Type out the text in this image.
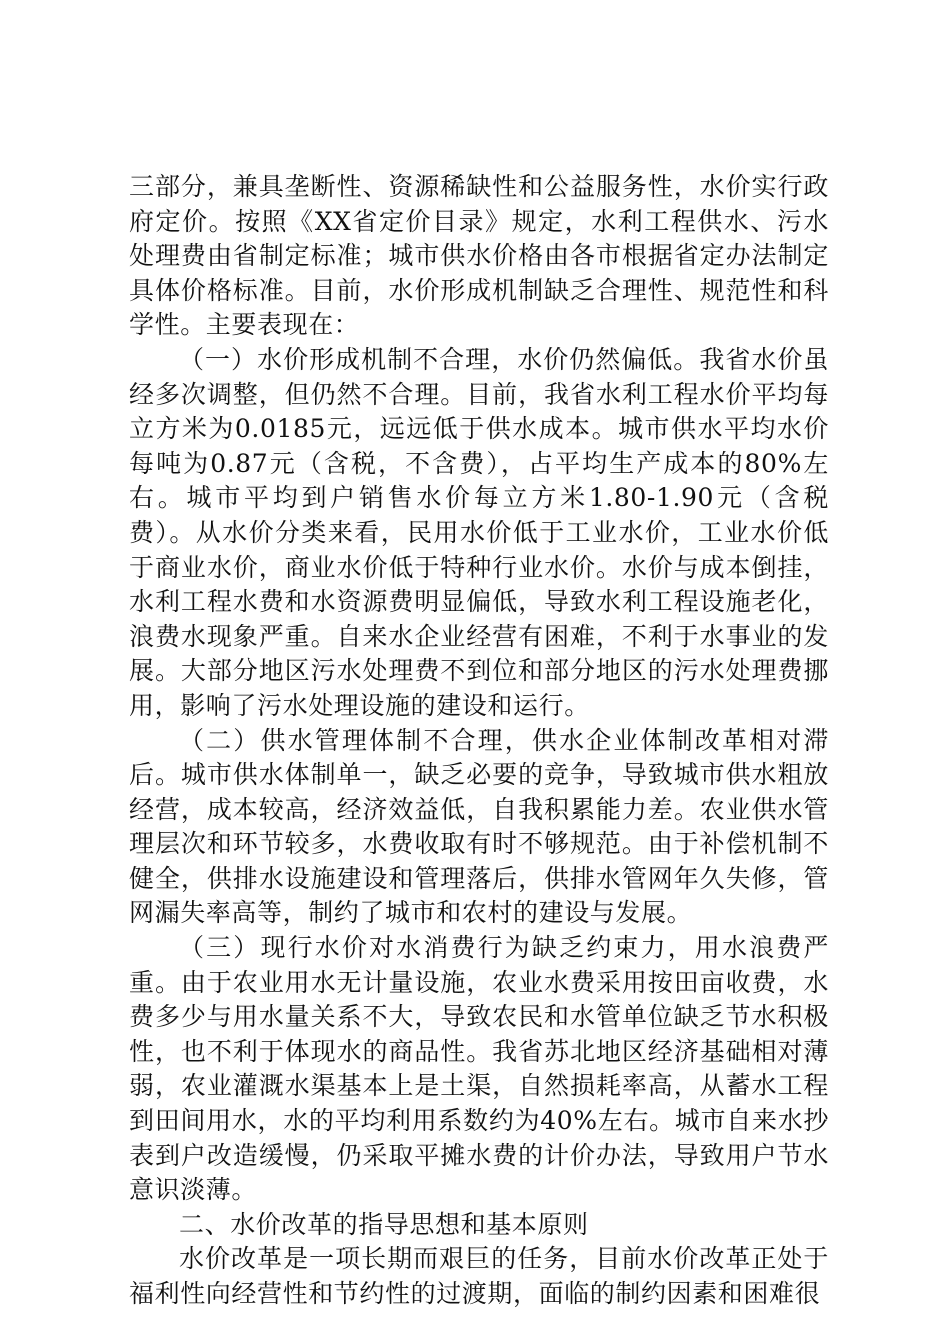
三部分，兼具垄断性、资源稀缺性和公益服务性，水价实行政府定价。按照《XX省定价目录》规定，水利工程供水、污水处理费由省制定标准；城市供水价格由各市根据省定办法制定具体价格标准。目前，水价形成机制缺乏合理性、规范性和科学性。主要表现在：

（一）水价形成机制不合理，水价仍然偏低。我省水价虽经多次调整，但仍然不合理。目前，我省水利工程水价平均每立方米为0.0185元，远远低于供水成本。城市供水平均水价每吨为0.87元（含税，不含费），占平均生产成本的80%左右。城市平均到户销售水价每立方米1.80-1.90元（含税费）。从水价分类来看，民用水价低于工业水价，工业水价低于商业水价，商业水价低于特种行业水价。水价与成本倒挂，水利工程水费和水资源费明显偏低，导致水利工程设施老化，浪费水现象严重。自来水企业经营有困难，不利于水事业的发展。大部分地区污水处理费不到位和部分地区的污水处理费挪用，影响了污水处理设施的建设和运行。

（二）供水管理体制不合理，供水企业体制改革相对滞后。城市供水体制单一，缺乏必要的竞争，导致城市供水粗放经营，成本较高，经济效益低，自我积累能力差。农业供水管理层次和环节较多，水费收取有时不够规范。由于补偿机制不健全，供排水设施建设和管理落后，供排水管网年久失修，管网漏失率高等，制约了城市和农村的建设与发展。

（三）现行水价对水消费行为缺乏约束力，用水浪费严重。由于农业用水无计量设施，农业水费采用按田亩收费，水费多少与用水量关系不大，导致农民和水管单位缺乏节水积极性，也不利于体现水的商品性。我省苏北地区经济基础相对薄弱，农业灌溉水渠基本上是土渠，自然损耗率高，从蓄水工程到田间用水，水的平均利用系数约为40%左右。城市自来水抄表到户改造缓慢，仍采取平摊水费的计价办法，导致用户节水意识淡薄。

二、水价改革的指导思想和基本原则

水价改革是一项长期而艰巨的任务，目前水价改革正处于福利性向经营性和节约性的过渡期，面临的制约因素和困难很
